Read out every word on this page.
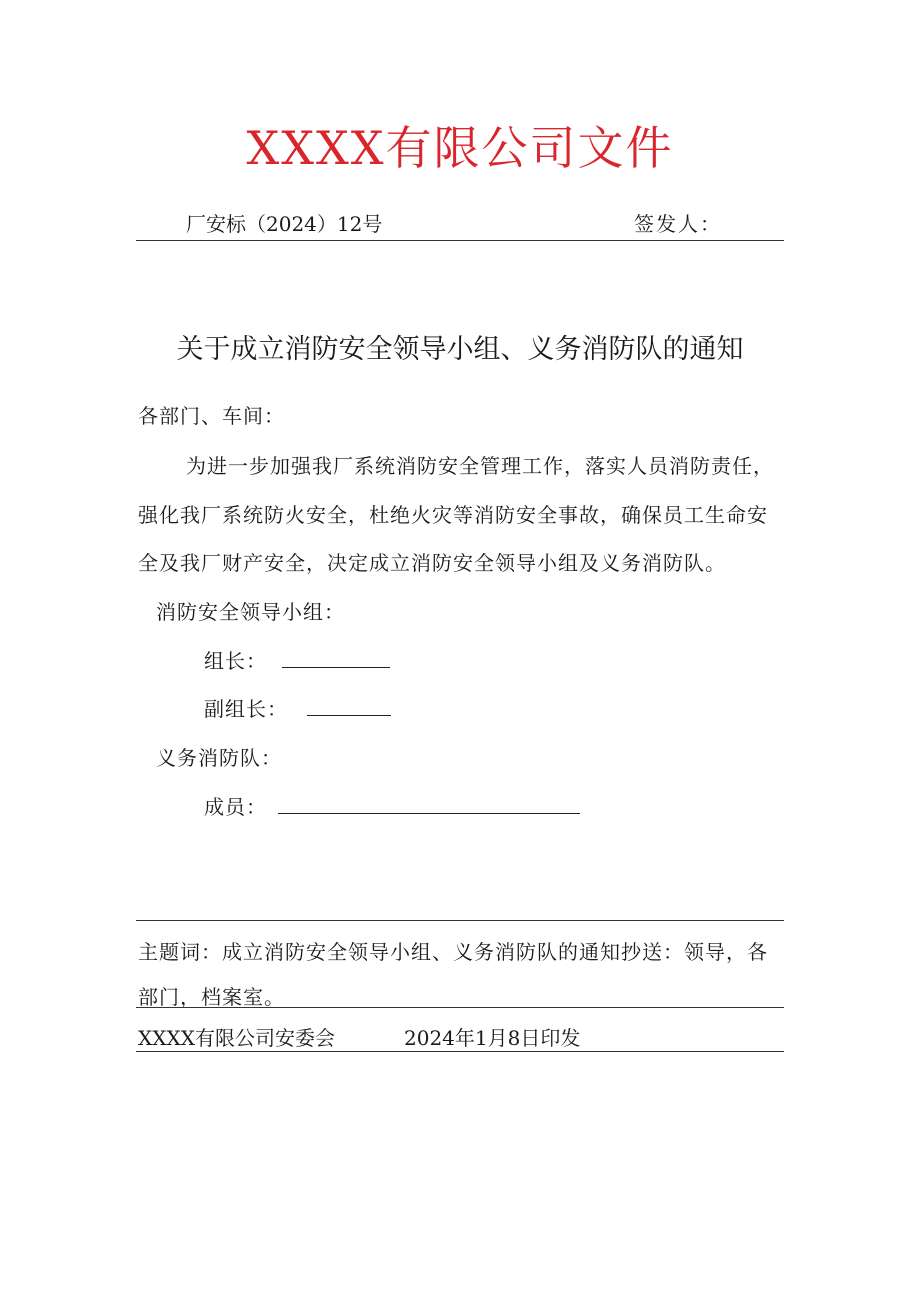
XXXX有限公司文件
厂安标（2024）12号	签发人：
关于成立消防安全领导小组、义务消防队的通知
各部门、车间：
为进一步加强我厂系统消防安全管理工作，落实人员消防责任，
强化我厂系统防火安全，杜绝火灾等消防安全事故，确保员工生命安
全及我厂财产安全，决定成立消防安全领导小组及义务消防队。
消防安全领导小组：
组长：
副组长：
义务消防队：
成员：
主题词：成立消防安全领导小组、义务消防队的通知抄送：领导，各
部门，档案室。
XXXX有限公司安委会	2024年1月8日印发
